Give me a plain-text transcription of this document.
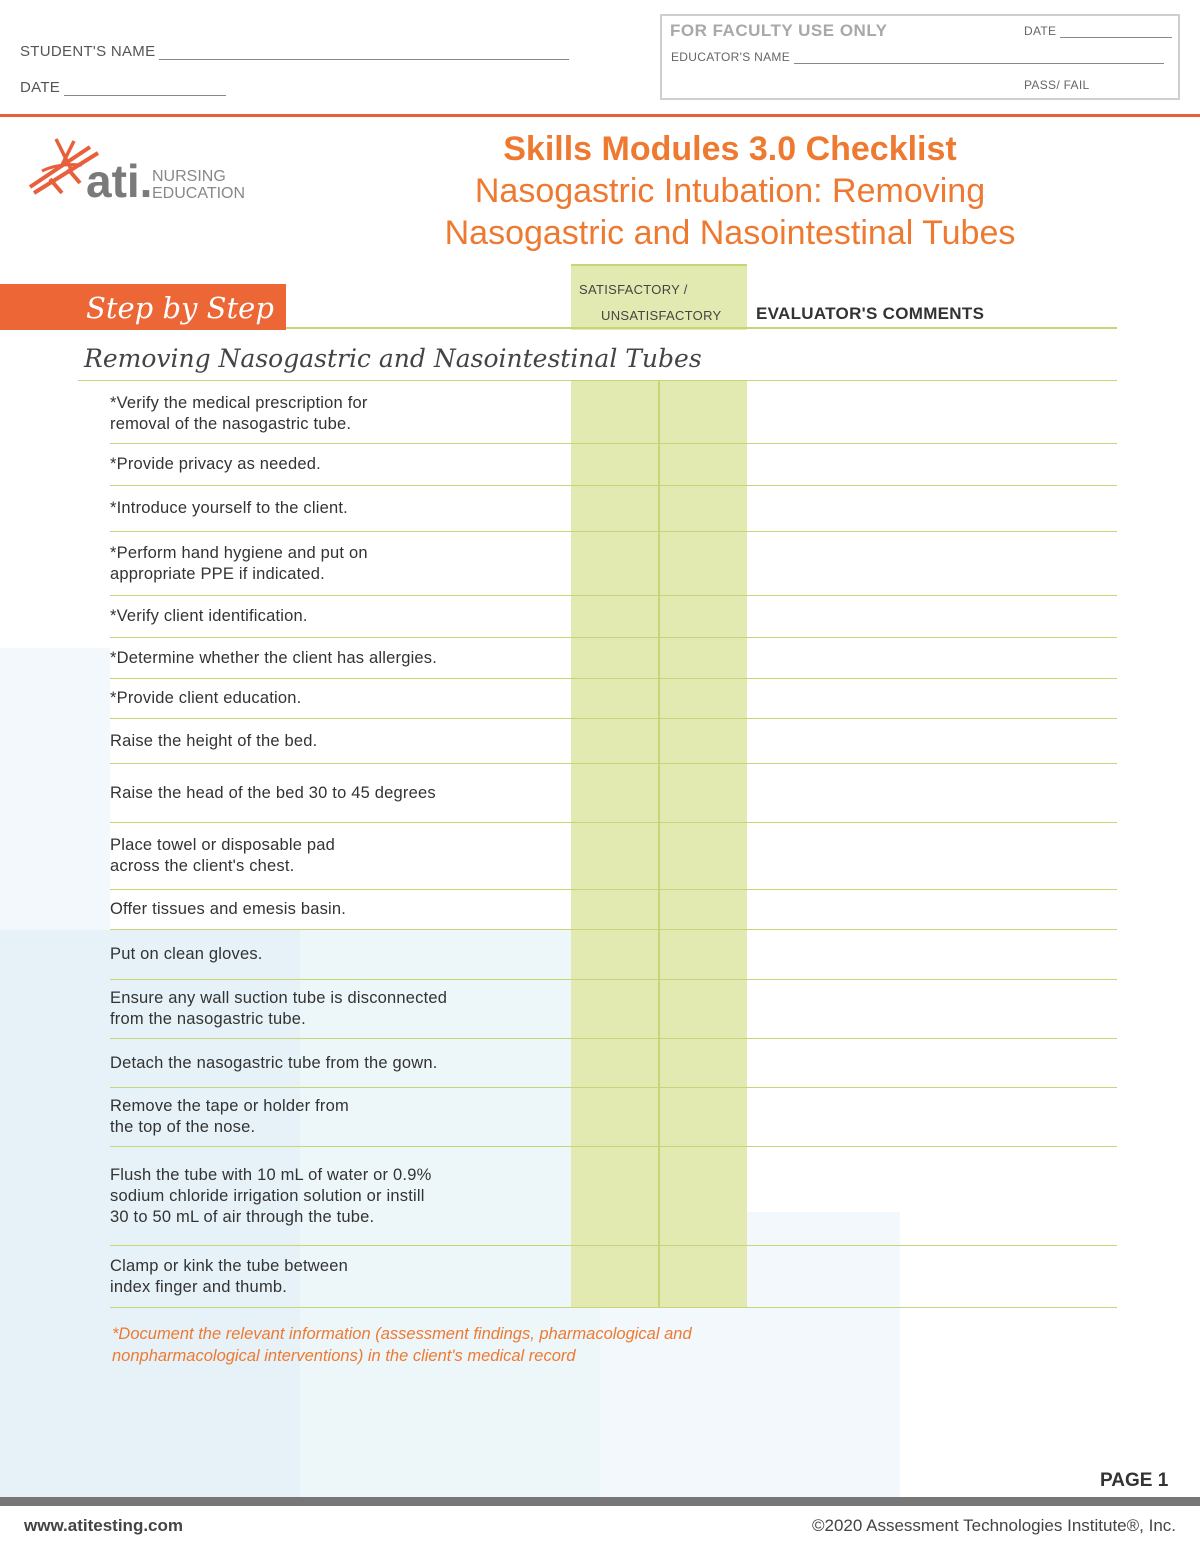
STUDENT'S NAME
DATE
FOR FACULTY USE ONLY	DATE
EDUCATOR'S NAME
PASS/ FAIL
ati. NURSING
EDUCATION
Skills Modules 3.0 Checklist
Nasogastric Intubation: Removing
Nasogastric and Nasointestinal Tubes
Step by Step
SATISFACTORY /
UNSATISFACTORY EVALUATOR'S COMMENTS
Removing Nasogastric and Nasointestinal Tubes
*Verify the medical prescription for
removal of the nasogastric tube.
*Provide privacy as needed.
*Introduce yourself to the client.
*Perform hand hygiene and put on
appropriate PPE if indicated.
*Verify client identification.
*Determine whether the client has allergies.
*Provide client education.
Raise the height of the bed.
Raise the head of the bed 30 to 45 degrees
Place towel or disposable pad
across the client's chest.
Offer tissues and emesis basin.
Put on clean gloves.
Ensure any wall suction tube is disconnected
from the nasogastric tube.
Detach the nasogastric tube from the gown.
Remove the tape or holder from
the top of the nose.
Flush the tube with 10 mL of water or 0.9%
sodium chloride irrigation solution or instill
30 to 50 mL of air through the tube.
Clamp or kink the tube between
index finger and thumb.
*Document the relevant information (assessment findings, pharmacological and
nonpharmacological interventions) in the client's medical record
PAGE 1
www.atitesting.com	©2020 Assessment Technologies Institute®, Inc.
